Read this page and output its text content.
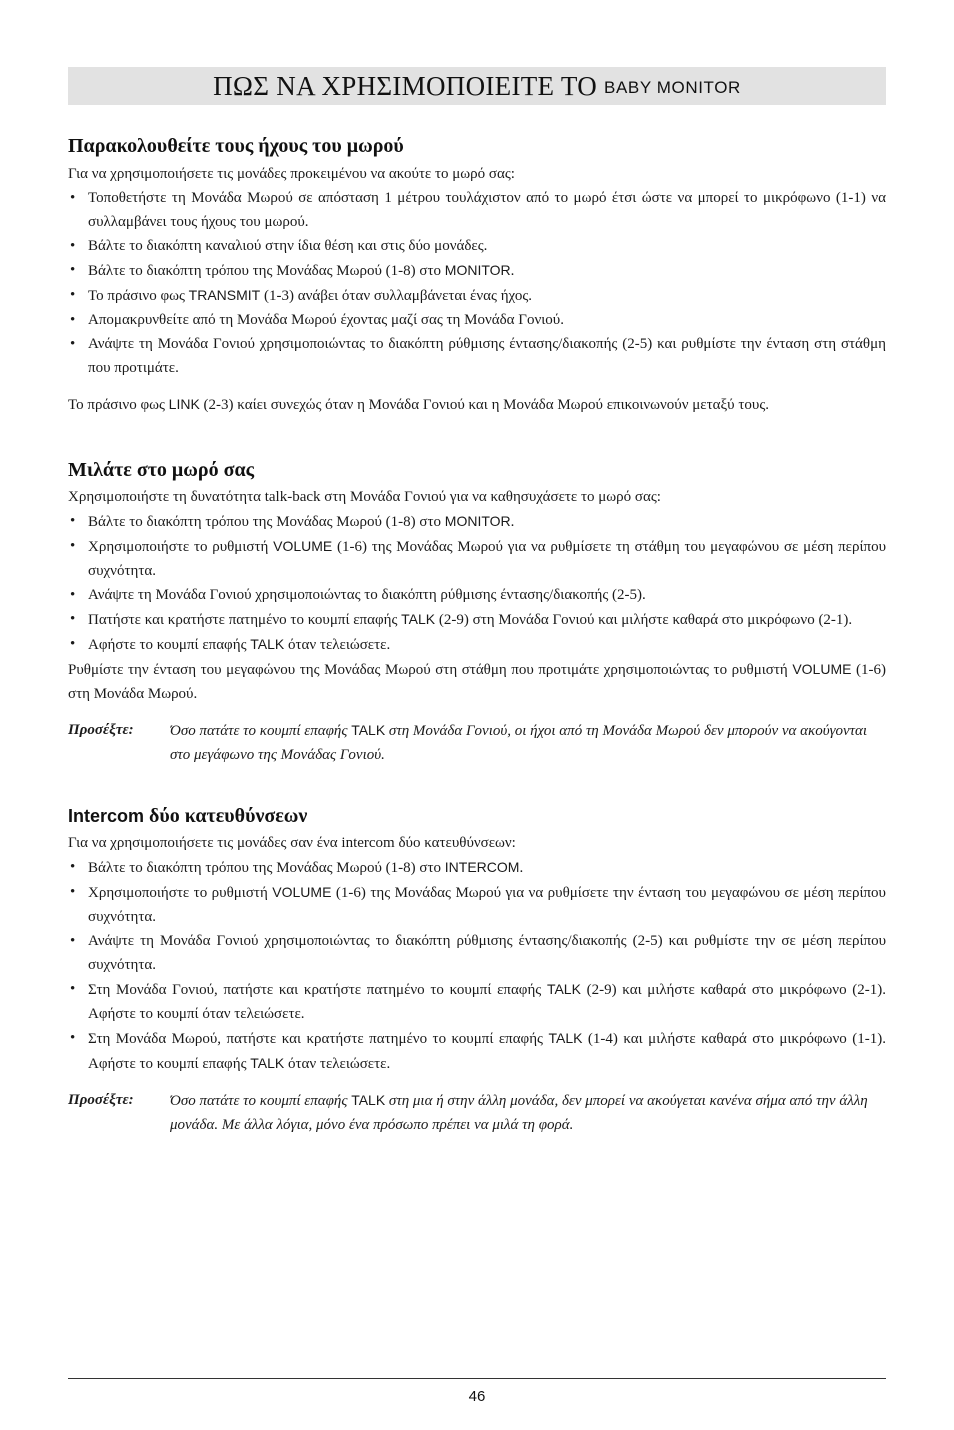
ΠΩΣ ΝΑ ΧΡΗΣΙΜΟΠΟΙΕΙΤΕ ΤΟ BABY MONITOR
Παρακολουθείτε τους ήχους του μωρού

Για να χρησιμοποιήσετε τις μονάδες προκειμένου να ακούτε το μωρό σας:

• Τοποθετήστε τη Μονάδα Μωρού σε απόσταση 1 μέτρου τουλάχιστον από το μωρό έτσι ώστε να μπορεί το μικρόφωνο (1-1) να συλλαμβάνει τους ήχους του μωρού.
• Βάλτε το διακόπτη καναλιού στην ίδια θέση και στις δύο μονάδες.
• Βάλτε το διακόπτη τρόπου της Μονάδας Μωρού (1-8) στο MONITOR.
• Το πράσινο φως TRANSMIT (1-3) ανάβει όταν συλλαμβάνεται ένας ήχος.
• Απομακρυνθείτε από τη Μονάδα Μωρού έχοντας μαζί σας τη Μονάδα Γονιού.
• Ανάψτε τη Μονάδα Γονιού χρησιμοποιώντας το διακόπτη ρύθμισης έντασης/διακοπής (2-5) και ρυθμίστε την ένταση στη στάθμη που προτιμάτε.

Το πράσινο φως LINK (2-3) καίει συνεχώς όταν η Μονάδα Γονιού και η Μονάδα Μωρού επικοινωνούν μεταξύ τους.

Μιλάτε στο μωρό σας

Χρησιμοποιήστε τη δυνατότητα talk-back στη Μονάδα Γονιού για να καθησυχάσετε το μωρό σας:

• Βάλτε το διακόπτη τρόπου της Μονάδας Μωρού (1-8) στο MONITOR.
• Χρησιμοποιήστε το ρυθμιστή VOLUME (1-6) της Μονάδας Μωρού για να ρυθμίσετε τη στάθμη του μεγαφώνου σε μέση περίπου συχνότητα.
• Ανάψτε τη Μονάδα Γονιού χρησιμοποιώντας το διακόπτη ρύθμισης έντασης/διακοπής (2-5).
• Πατήστε και κρατήστε πατημένο το κουμπί επαφής TALK (2-9) στη Μονάδα Γονιού και μιλήστε καθαρά στο μικρόφωνο (2-1).
• Αφήστε το κουμπί επαφής TALK όταν τελειώσετε.

Ρυθμίστε την ένταση του μεγαφώνου της Μονάδας Μωρού στη στάθμη που προτιμάτε χρησιμοποιώντας το ρυθμιστή VOLUME (1-6) στη Μονάδα Μωρού.

Προσέξτε:	Όσο πατάτε το κουμπί επαφής TALK στη Μονάδα Γονιού, οι ήχοι από τη Μονάδα Μωρού δεν μπορούν να ακούγονται στο μεγάφωνο της Μονάδας Γονιού.
Intercom δύο κατευθύνσεων

Για να χρησιμοποιήσετε τις μονάδες σαν ένα intercom δύο κατευθύνσεων:

• Βάλτε το διακόπτη τρόπου της Μονάδας Μωρού (1-8) στο INTERCOM.
• Χρησιμοποιήστε το ρυθμιστή VOLUME (1-6) της Μονάδας Μωρού για να ρυθμίσετε την ένταση του μεγαφώνου σε μέση περίπου συχνότητα.
• Ανάψτε τη Μονάδα Γονιού χρησιμοποιώντας το διακόπτη ρύθμισης έντασης/διακοπής (2-5) και ρυθμίστε την σε μέση περίπου συχνότητα.
• Στη Μονάδα Γονιού, πατήστε και κρατήστε πατημένο το κουμπί επαφής TALK (2-9) και μιλήστε καθαρά στο μικρόφωνο (2-1). Αφήστε το κουμπί όταν τελειώσετε.
• Στη Μονάδα Μωρού, πατήστε και κρατήστε πατημένο το κουμπί επαφής TALK (1-4) και μιλήστε καθαρά στο μικρόφωνο (1-1). Αφήστε το κουμπί επαφής TALK όταν τελειώσετε.
Προσέξτε:	Όσο πατάτε το κουμπί επαφής TALK στη μια ή στην άλλη μονάδα, δεν μπορεί να ακούγεται κανένα σήμα από την άλλη μονάδα. Με άλλα λόγια, μόνο ένα πρόσωπο πρέπει να μιλά τη φορά.
46
